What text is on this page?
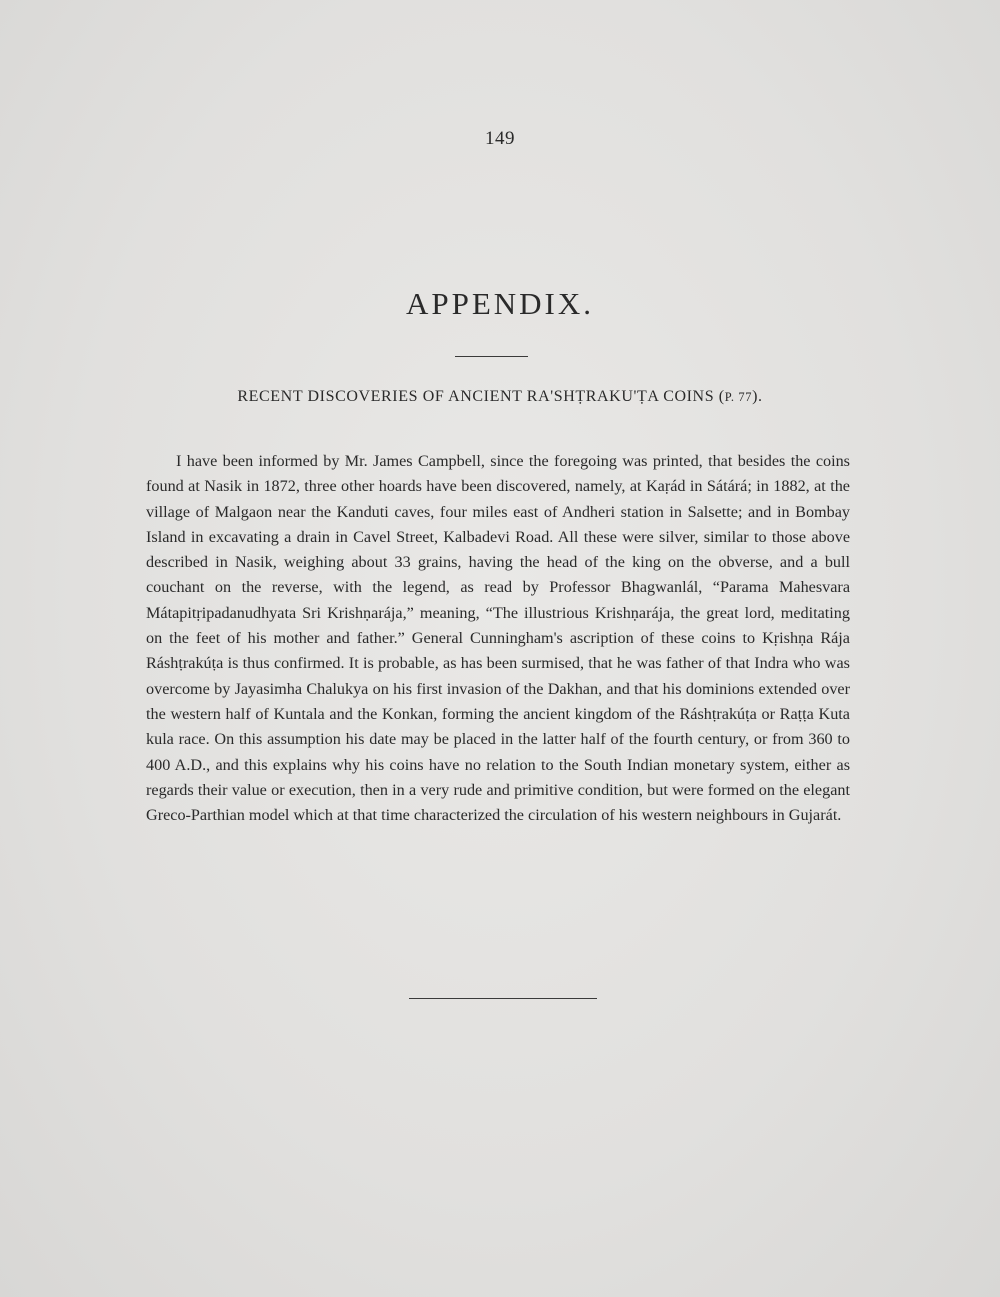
149
APPENDIX.
RECENT DISCOVERIES OF ANCIENT RA'SHṬRAKU'ṬA COINS (P. 77).

I have been informed by Mr. James Campbell, since the foregoing was printed, that besides the coins found at Nasik in 1872, three other hoards have been discovered, namely, at Kaṛád in Sátárá; in 1882, at the village of Malgaon near the Kanduti caves, four miles east of Andheri station in Salsette; and in Bombay Island in excavating a drain in Cavel Street, Kalbadevi Road. All these were silver, similar to those above described in Nasik, weighing about 33 grains, having the head of the king on the obverse, and a bull couchant on the reverse, with the legend, as read by Professor Bhagwanlál, “Parama Mahesvara Mátapitṛipadanudhyata Sri Krishṇarája,” meaning, “The illustrious Krishṇarája, the great lord, meditating on the feet of his mother and father.” General Cunningham's ascription of these coins to Kṛishṇa Rája Ráshṭrakúṭa is thus confirmed. It is probable, as has been surmised, that he was father of that Indra who was overcome by Jayasimha Chalukya on his first invasion of the Dakhan, and that his dominions extended over the western half of Kuntala and the Konkan, forming the ancient kingdom of the Ráshṭrakúṭa or Raṭṭa Kuta kula race. On this assumption his date may be placed in the latter half of the fourth century, or from 360 to 400 A.D., and this explains why his coins have no relation to the South Indian monetary system, either as regards their value or execution, then in a very rude and primitive condition, but were formed on the elegant Greco-Parthian model which at that time characterized the circulation of his western neighbours in Gujarát.
